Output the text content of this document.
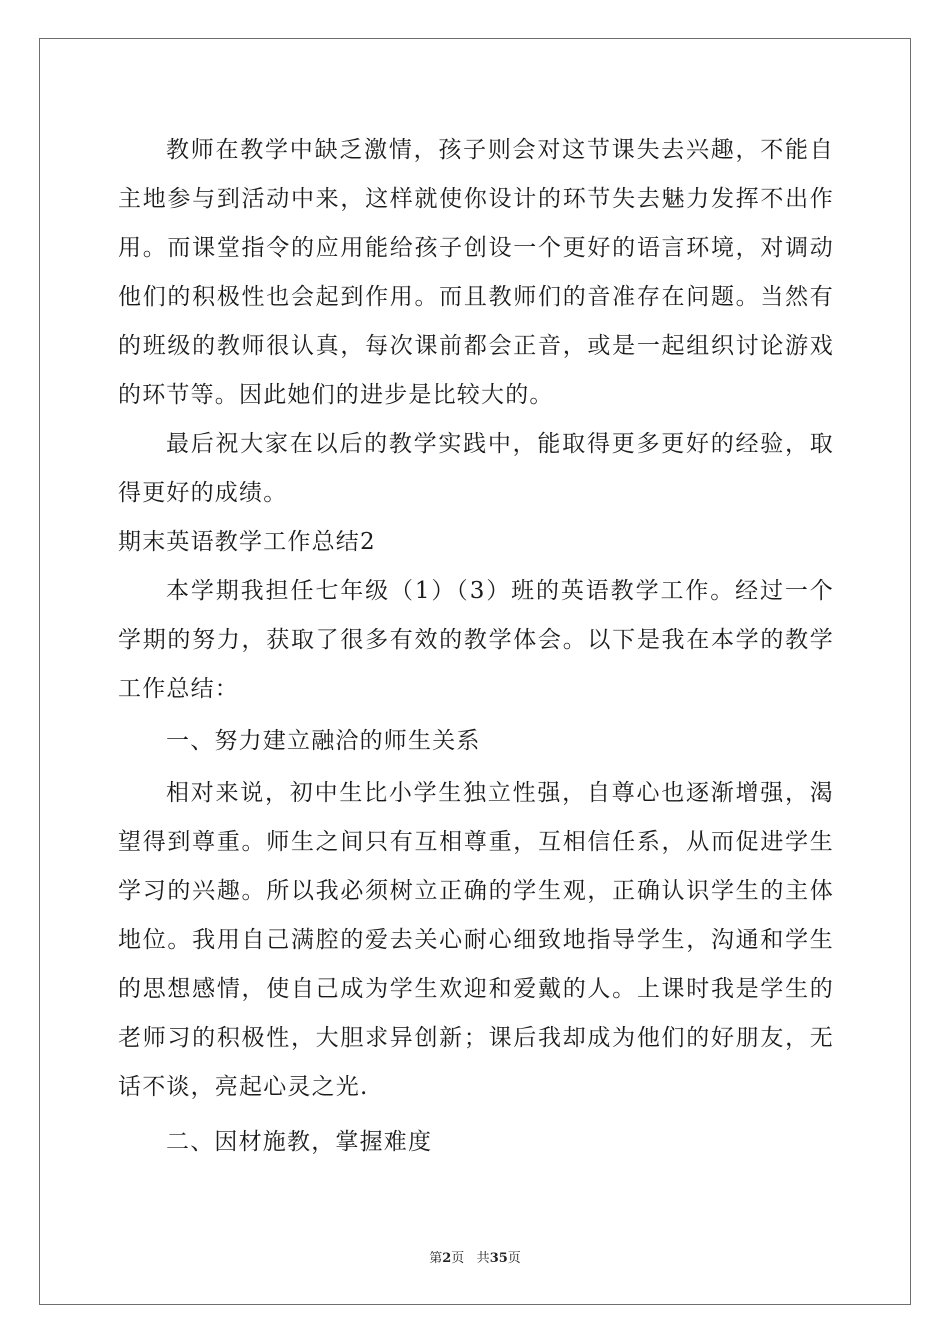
教师在教学中缺乏激情，孩子则会对这节课失去兴趣，不能自主地参与到活动中来，这样就使你设计的环节失去魅力发挥不出作用。而课堂指令的应用能给孩子创设一个更好的语言环境，对调动他们的积极性也会起到作用。而且教师们的音准存在问题。当然有的班级的教师很认真，每次课前都会正音，或是一起组织讨论游戏的环节等。因此她们的进步是比较大的。

最后祝大家在以后的教学实践中，能取得更多更好的经验，取得更好的成绩。

期末英语教学工作总结2

本学期我担任七年级（1）（3）班的英语教学工作。经过一个学期的努力，获取了很多有效的教学体会。以下是我在本学的教学工作总结：

一、努力建立融洽的师生关系

相对来说，初中生比小学生独立性强，自尊心也逐渐增强，渴望得到尊重。师生之间只有互相尊重，互相信任系，从而促进学生学习的兴趣。所以我必须树立正确的学生观，正确认识学生的主体地位。我用自己满腔的爱去关心耐心细致地指导学生，沟通和学生的思想感情，使自己成为学生欢迎和爱戴的人。上课时我是学生的老师习的积极性，大胆求异创新；课后我却成为他们的好朋友，无话不谈，亮起心灵之光.

二、因材施教，掌握难度

第2页 共35页
